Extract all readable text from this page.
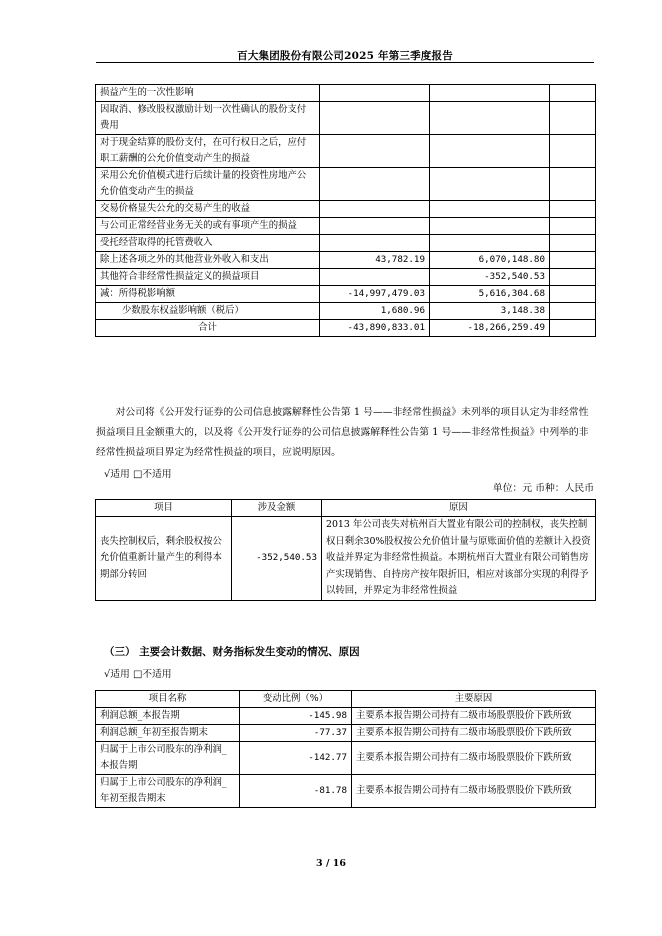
百大集团股份有限公司2025 年第三季度报告
损益产生的一次性影响			
因取消、修改股权激励计划一次性确认的股份支付费用			
对于现金结算的股份支付，在可行权日之后，应付职工薪酬的公允价值变动产生的损益			
采用公允价值模式进行后续计量的投资性房地产公允价值变动产生的损益			
交易价格显失公允的交易产生的收益			
与公司正常经营业务无关的或有事项产生的损益			
受托经营取得的托管费收入			
除上述各项之外的其他营业外收入和支出	43,782.19	6,070,148.80	
其他符合非经常性损益定义的损益项目		-352,540.53	
减：所得税影响额	-14,997,479.03	5,616,304.68	
少数股东权益影响额（税后）	1,680.96	3,148.38	
合计	-43,890,833.01	-18,266,259.49	
对公司将《公开发行证券的公司信息披露解释性公告第 1 号——非经常性损益》未列举的项目认定为非经常性损益项目且金额重大的，以及将《公开发行证券的公司信息披露解释性公告第 1 号——非经常性损益》中列举的非经常性损益项目界定为经常性损益的项目，应说明原因。
√适用 □不适用
单位：元 币种：人民币
项目	涉及金额	原因
丧失控制权后，剩余股权按公允价值重新计量产生的利得本期部分转回	-352,540.53	2013 年公司丧失对杭州百大置业有限公司的控制权，丧失控制权日剩余30%股权按公允价值计量与原账面价值的差额计入投资收益并界定为非经常性损益。本期杭州百大置业有限公司销售房产实现销售、自持房产按年限折旧，相应对该部分实现的利得予以转回，并界定为非经常性损益
（三） 主要会计数据、财务指标发生变动的情况、原因
√适用 □不适用
项目名称	变动比例（%）	主要原因
利润总额_本报告期	-145.98	主要系本报告期公司持有二级市场股票股价下跌所致
利润总额_年初至报告期末	-77.37	主要系本报告期公司持有二级市场股票股价下跌所致
归属于上市公司股东的净利润_本报告期	-142.77	主要系本报告期公司持有二级市场股票股价下跌所致
归属于上市公司股东的净利润_年初至报告期末	-81.78	主要系本报告期公司持有二级市场股票股价下跌所致
3 / 16
